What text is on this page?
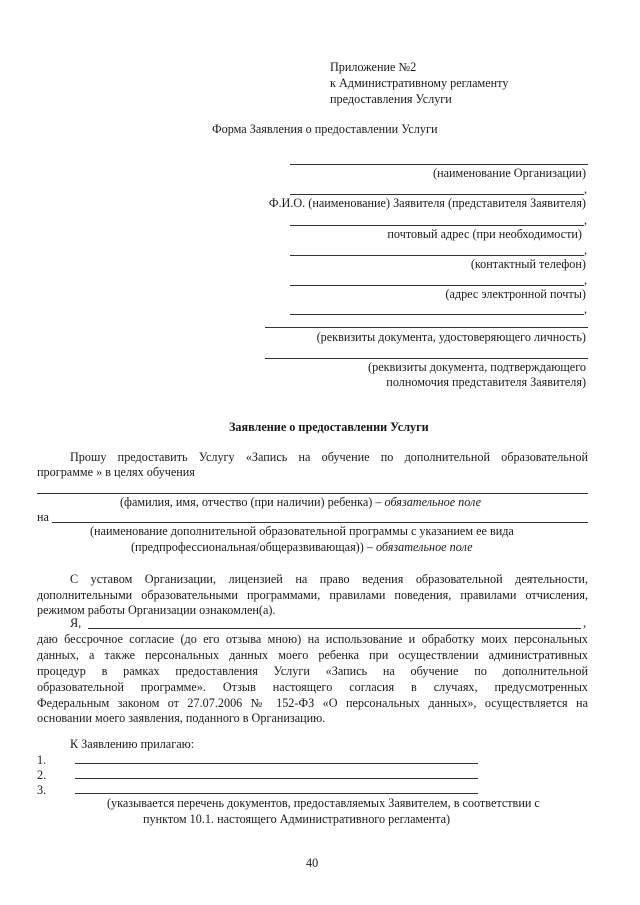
Приложение №2
к Административному регламенту
предоставления Услуги
Форма Заявления о предоставлении Услуги
(наименование Организации)
,
Ф.И.О. (наименование) Заявителя (представителя Заявителя)
,
почтовый адрес (при необходимости)
,
(контактный телефон)
,
(адрес электронной почты)
,
(реквизиты документа, удостоверяющего личность)
(реквизиты документа, подтверждающего
полномочия представителя Заявителя)
Заявление о предоставлении Услуги
Прошу предоставить Услугу «Запись на обучение по дополнительной образовательной
программе » в целях обучения
(фамилия, имя, отчество (при наличии) ребенка) – обязательное поле
на
(наименование дополнительной образовательной программы с указанием ее вида
(предпрофессиональная/общеразвивающая)) – обязательное поле
С уставом Организации, лицензией на право ведения образовательной деятельности,
дополнительными образовательными программами, правилами поведения, правилами отчисления,
режимом работы Организации ознакомлен(а).
Я,	,
даю бессрочное согласие (до его отзыва мною) на использование и обработку моих персональных
данных, а также персональных данных моего ребенка при осуществлении административных
процедур в рамках предоставления Услуги «Запись на обучение по дополнительной
образовательной программе». Отзыв настоящего согласия в случаях, предусмотренных
Федеральным законом от 27.07.2006 № 152-ФЗ «О персональных данных», осуществляется на
основании моего заявления, поданного в Организацию.
К Заявлению прилагаю:
1.
2.
3.
(указывается перечень документов, предоставляемых Заявителем, в соответствии с
пунктом 10.1. настоящего Административного регламента)
40
